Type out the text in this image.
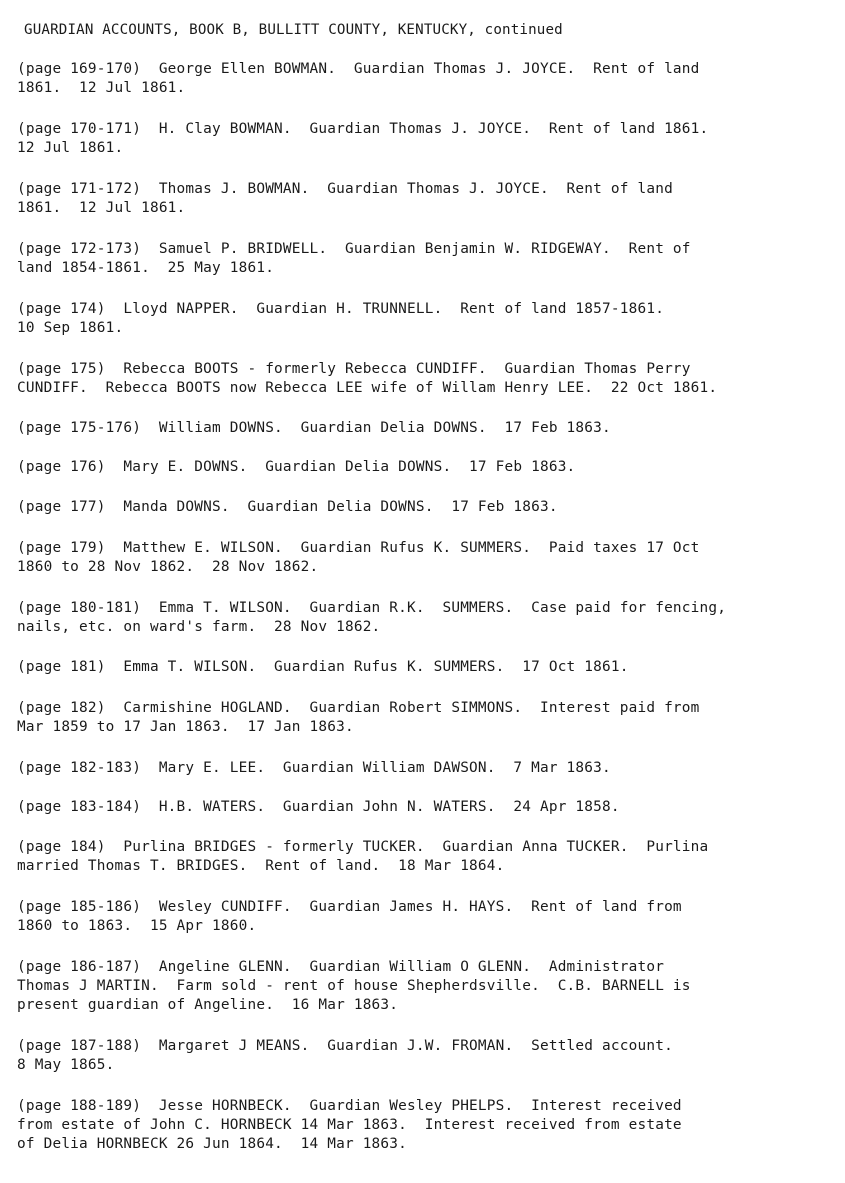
GUARDIAN ACCOUNTS, BOOK B, BULLITT COUNTY, KENTUCKY, continued
(page 169-170)  George Ellen BOWMAN.  Guardian Thomas J. JOYCE.  Rent of land
1861.  12 Jul 1861.
(page 170-171)  H. Clay BOWMAN.  Guardian Thomas J. JOYCE.  Rent of land 1861.
12 Jul 1861.
(page 171-172)  Thomas J. BOWMAN.  Guardian Thomas J. JOYCE.  Rent of land
1861.  12 Jul 1861.
(page 172-173)  Samuel P. BRIDWELL.  Guardian Benjamin W. RIDGEWAY.  Rent of
land 1854-1861.  25 May 1861.
(page 174)  Lloyd NAPPER.  Guardian H. TRUNNELL.  Rent of land 1857-1861.
10 Sep 1861.
(page 175)  Rebecca BOOTS - formerly Rebecca CUNDIFF.  Guardian Thomas Perry
CUNDIFF.  Rebecca BOOTS now Rebecca LEE wife of Willam Henry LEE.  22 Oct 1861.
(page 175-176)  William DOWNS.  Guardian Delia DOWNS.  17 Feb 1863.
(page 176)  Mary E. DOWNS.  Guardian Delia DOWNS.  17 Feb 1863.
(page 177)  Manda DOWNS.  Guardian Delia DOWNS.  17 Feb 1863.
(page 179)  Matthew E. WILSON.  Guardian Rufus K. SUMMERS.  Paid taxes 17 Oct
1860 to 28 Nov 1862.  28 Nov 1862.
(page 180-181)  Emma T. WILSON.  Guardian R.K.  SUMMERS.  Case paid for fencing,
nails, etc. on ward's farm.  28 Nov 1862.
(page 181)  Emma T. WILSON.  Guardian Rufus K. SUMMERS.  17 Oct 1861.
(page 182)  Carmishine HOGLAND.  Guardian Robert SIMMONS.  Interest paid from
Mar 1859 to 17 Jan 1863.  17 Jan 1863.
(page 182-183)  Mary E. LEE.  Guardian William DAWSON.  7 Mar 1863.
(page 183-184)  H.B. WATERS.  Guardian John N. WATERS.  24 Apr 1858.
(page 184)  Purlina BRIDGES - formerly TUCKER.  Guardian Anna TUCKER.  Purlina
married Thomas T. BRIDGES.  Rent of land.  18 Mar 1864.
(page 185-186)  Wesley CUNDIFF.  Guardian James H. HAYS.  Rent of land from
1860 to 1863.  15 Apr 1860.
(page 186-187)  Angeline GLENN.  Guardian William O GLENN.  Administrator
Thomas J MARTIN.  Farm sold - rent of house Shepherdsville.  C.B. BARNELL is
present guardian of Angeline.  16 Mar 1863.
(page 187-188)  Margaret J MEANS.  Guardian J.W. FROMAN.  Settled account.
8 May 1865.
(page 188-189)  Jesse HORNBECK.  Guardian Wesley PHELPS.  Interest received
from estate of John C. HORNBECK 14 Mar 1863.  Interest received from estate
of Delia HORNBECK 26 Jun 1864.  14 Mar 1863.
